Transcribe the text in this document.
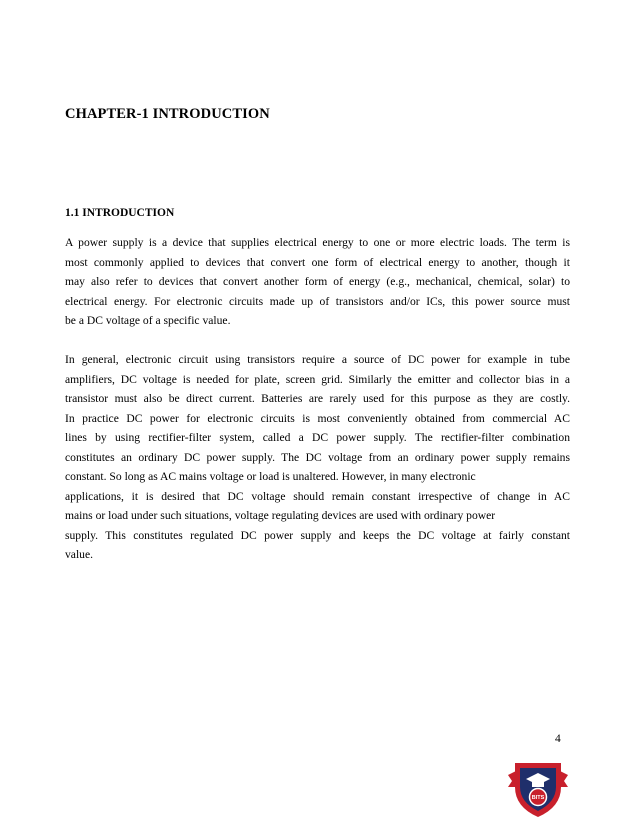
CHAPTER-1 INTRODUCTION
1.1 INTRODUCTION
A power supply is a device that supplies electrical energy to one or more electric loads. The term is
most commonly applied to devices that convert one form of electrical energy to another, though it
may also refer to devices that convert another form of energy (e.g., mechanical, chemical, solar) to
electrical energy. For electronic circuits made up of transistors and/or ICs, this power source must
be a DC voltage of a specific value.
In general, electronic circuit using transistors require a source of DC power for example in tube
amplifiers, DC voltage is needed for plate, screen grid. Similarly the emitter and collector bias in a
transistor must also be direct current. Batteries are rarely used for this purpose as they are costly.
In practice DC power for electronic circuits is most conveniently obtained from commercial AC
lines by using rectifier-filter system, called a DC power supply. The rectifier-filter combination
constitutes an ordinary DC power supply. The DC voltage from an ordinary power supply remains
constant. So long as AC mains voltage or load is unaltered. However, in many electronic
applications, it is desired that DC voltage should remain constant irrespective of change in AC
mains or load under such situations, voltage regulating devices are used with ordinary power
supply. This constitutes regulated DC power supply and keeps the DC voltage at fairly constant
value.
4
BITS
